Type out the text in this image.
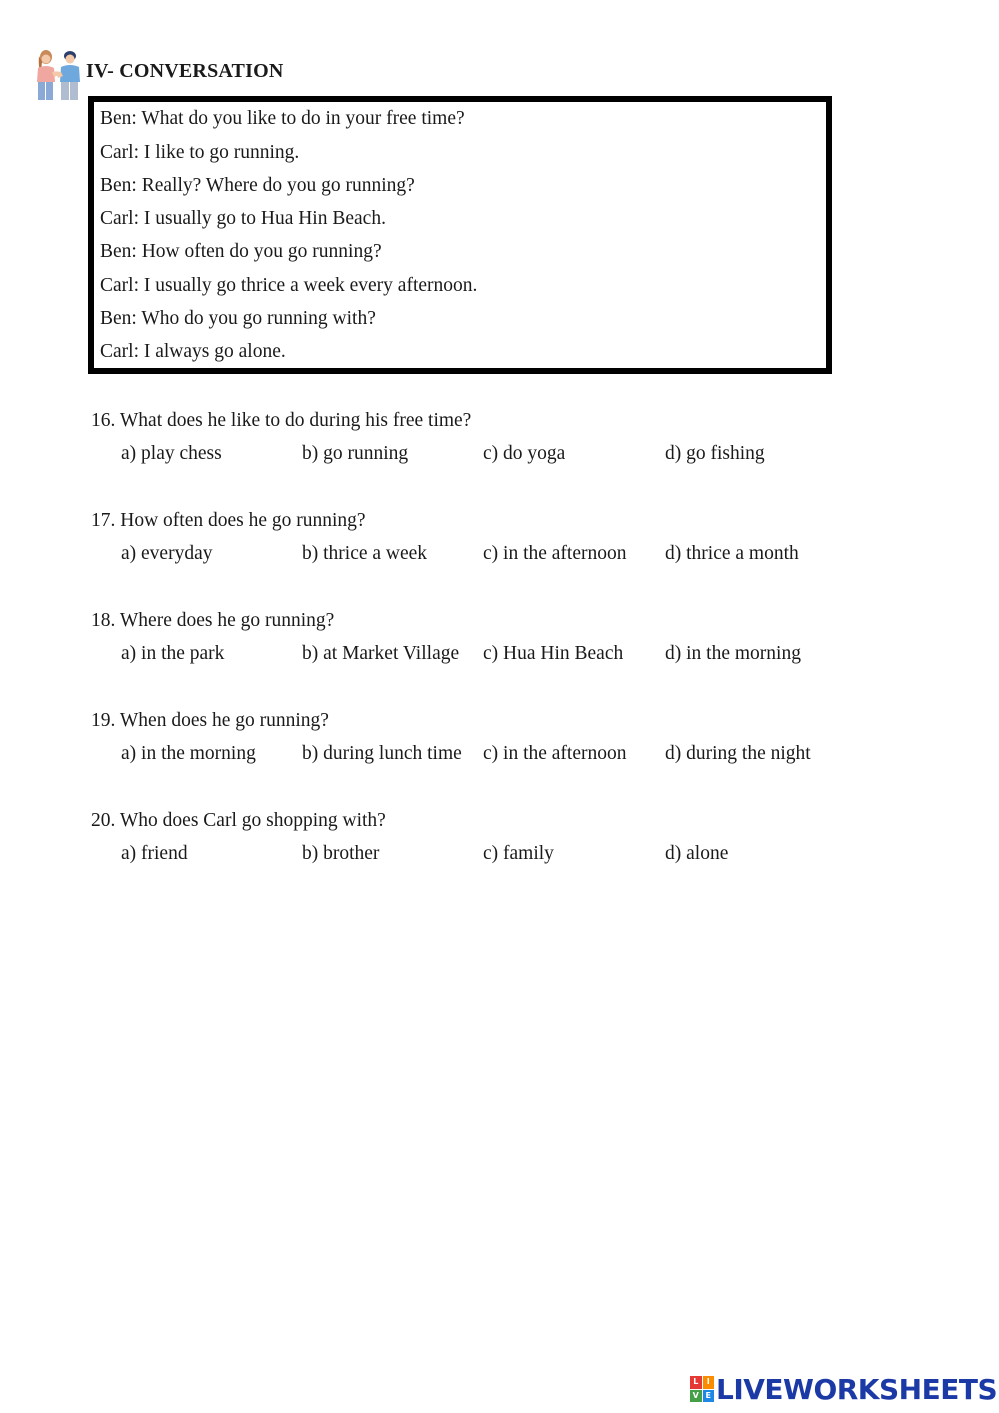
IV- CONVERSATION
Ben: What do you like to do in your free time?
Carl: I like to go running.
Ben: Really? Where do you go running?
Carl: I usually go to Hua Hin Beach.
Ben: How often do you go running?
Carl: I usually go thrice a week every afternoon.
Ben: Who do you go running with?
Carl: I always go alone.
16. What does he like to do during his free time?
a) play chess	b) go running	c) do yoga	d) go fishing
17. How often does he go running?
a) everyday	b) thrice a week	c) in the afternoon d) thrice a month
18. Where does he go running?
a) in the park	b) at Market Village c) Hua Hin Beach d) in the morning
19. When does he go running?
a) in the morning b) during lunch time c) in the afternoon d) during the night
20. Who does Carl go shopping with?
a) friend	b) brother	c) family	d) alone
L	I
V E LIVEWORKSHEETS
